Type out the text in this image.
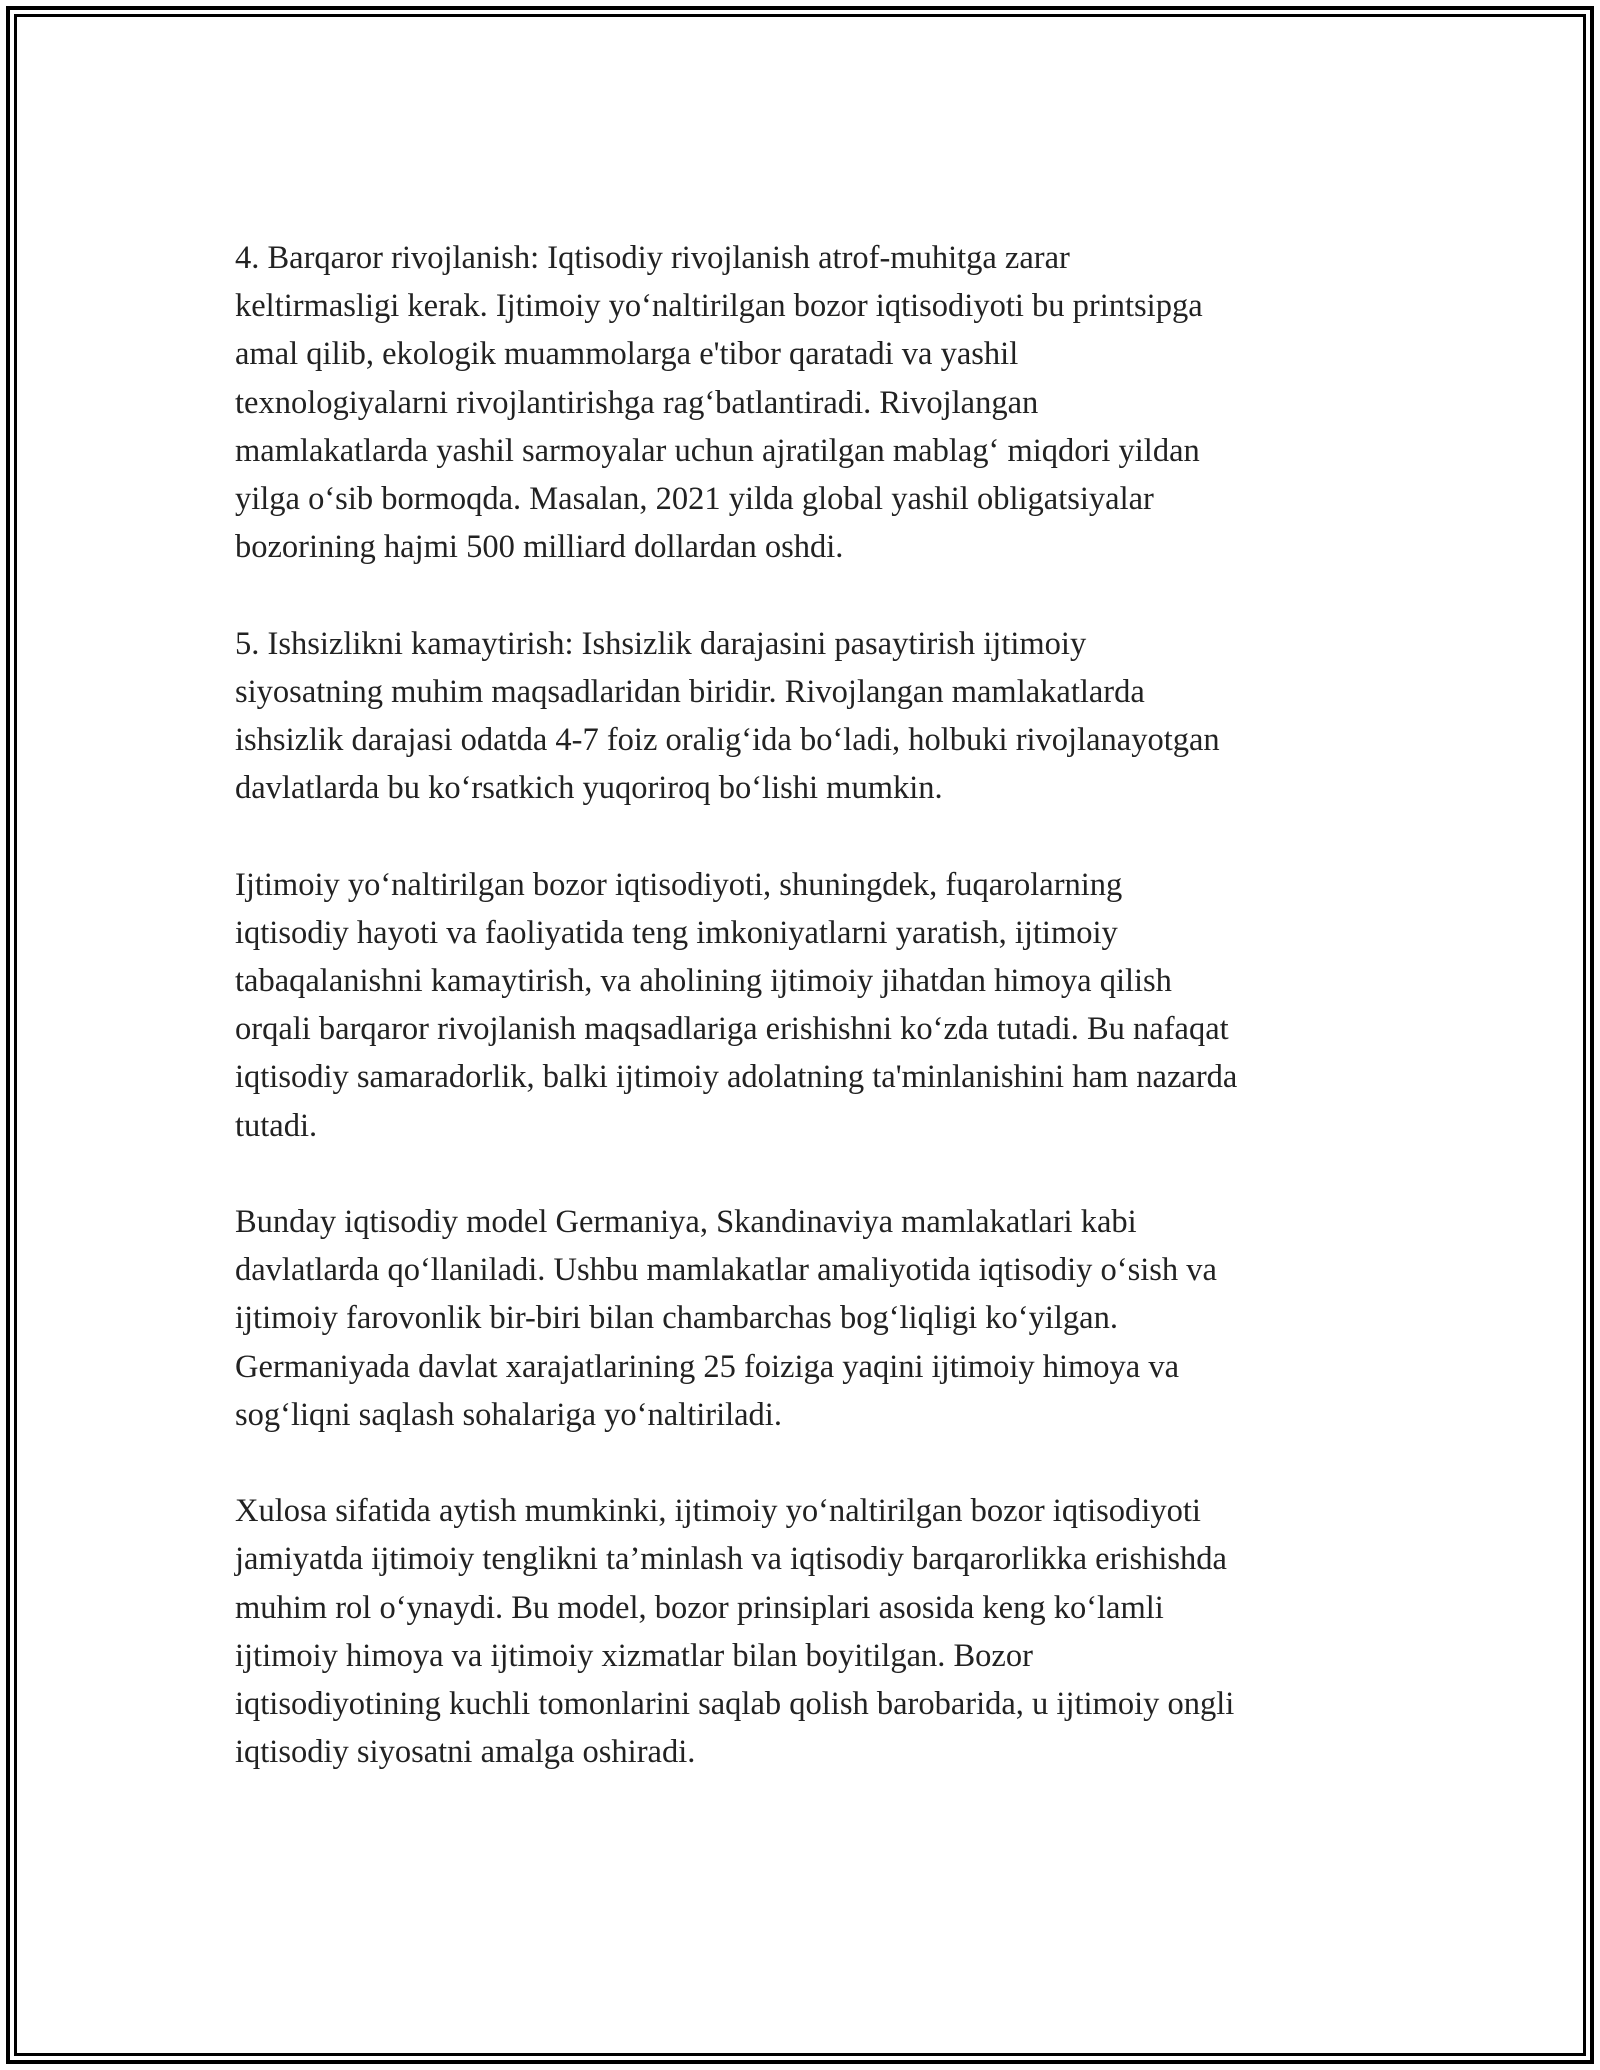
4. Barqaror rivojlanish: Iqtisodiy rivojlanish atrof-muhitga zarar
keltirmasligi kerak. Ijtimoiy yo‘naltirilgan bozor iqtisodiyoti bu printsipga
amal qilib, ekologik muammolarga e'tibor qaratadi va yashil
texnologiyalarni rivojlantirishga rag‘batlantiradi. Rivojlangan
mamlakatlarda yashil sarmoyalar uchun ajratilgan mablag‘ miqdori yildan
yilga o‘sib bormoqda. Masalan, 2021 yilda global yashil obligatsiyalar
bozorining hajmi 500 milliard dollardan oshdi.

5. Ishsizlikni kamaytirish: Ishsizlik darajasini pasaytirish ijtimoiy
siyosatning muhim maqsadlaridan biridir. Rivojlangan mamlakatlarda
ishsizlik darajasi odatda 4-7 foiz oralig‘ida bo‘ladi, holbuki rivojlanayotgan
davlatlarda bu ko‘rsatkich yuqoriroq bo‘lishi mumkin.

Ijtimoiy yo‘naltirilgan bozor iqtisodiyoti, shuningdek, fuqarolarning
iqtisodiy hayoti va faoliyatida teng imkoniyatlarni yaratish, ijtimoiy
tabaqalanishni kamaytirish, va aholining ijtimoiy jihatdan himoya qilish
orqali barqaror rivojlanish maqsadlariga erishishni ko‘zda tutadi. Bu nafaqat
iqtisodiy samaradorlik, balki ijtimoiy adolatning ta'minlanishini ham nazarda
tutadi.

Bunday iqtisodiy model Germaniya, Skandinaviya mamlakatlari kabi
davlatlarda qo‘llaniladi. Ushbu mamlakatlar amaliyotida iqtisodiy o‘sish va
ijtimoiy farovonlik bir-biri bilan chambarchas bog‘liqligi ko‘yilgan.
Germaniyada davlat xarajatlarining 25 foiziga yaqini ijtimoiy himoya va
sog‘liqni saqlash sohalariga yo‘naltiriladi.

Xulosa sifatida aytish mumkinki, ijtimoiy yo‘naltirilgan bozor iqtisodiyoti
jamiyatda ijtimoiy tenglikni ta’minlash va iqtisodiy barqarorlikka erishishda
muhim rol o‘ynaydi. Bu model, bozor prinsiplari asosida keng ko‘lamli
ijtimoiy himoya va ijtimoiy xizmatlar bilan boyitilgan. Bozor
iqtisodiyotining kuchli tomonlarini saqlab qolish barobarida, u ijtimoiy ongli
iqtisodiy siyosatni amalga oshiradi.
